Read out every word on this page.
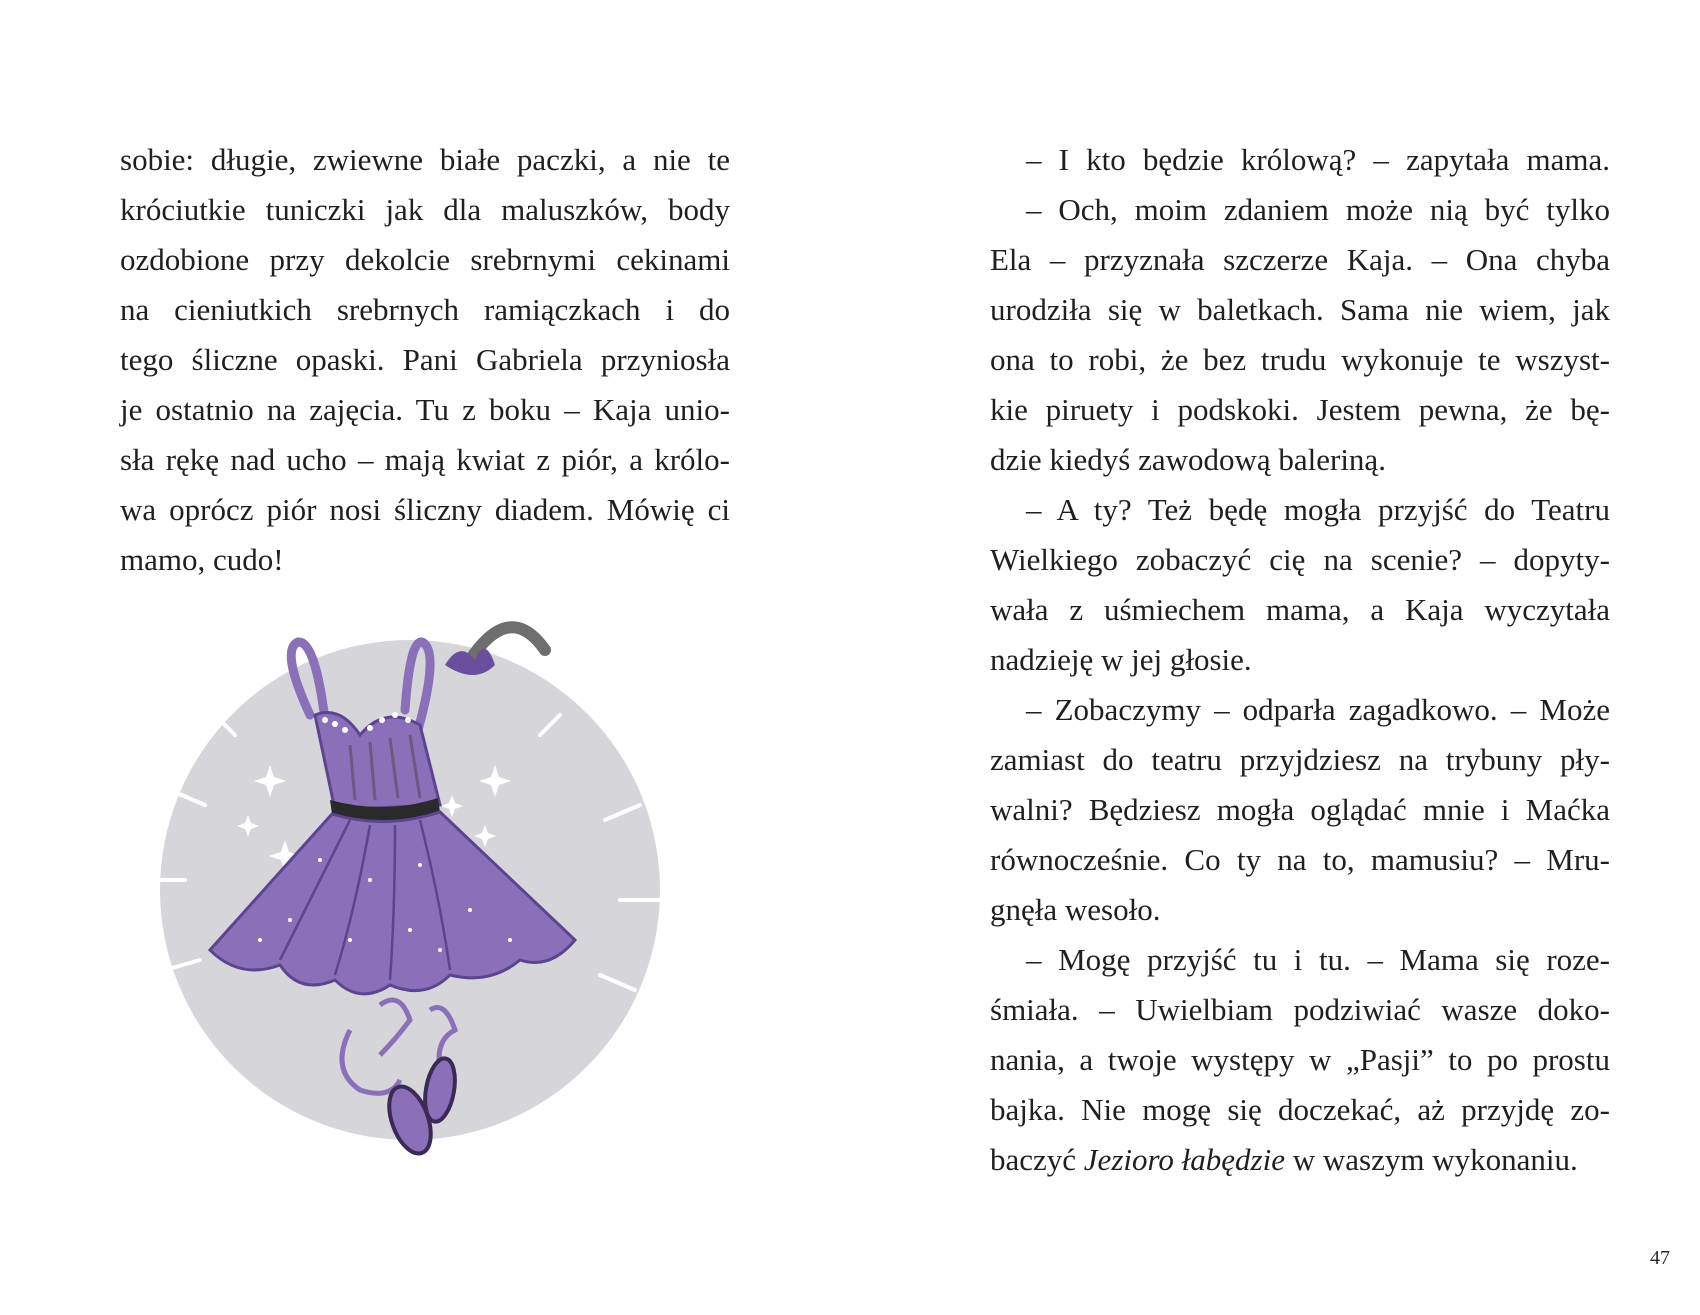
sobie: długie, zwiewne białe paczki, a nie te
króciutkie tuniczki jak dla maluszków, body
ozdobione przy dekolcie srebrnymi cekinami
na cieniutkich srebrnych ramiączkach i do
tego śliczne opaski. Pani Gabriela przyniosła
je ostatnio na zajęcia. Tu z boku – Kaja unio-
sła rękę nad ucho – mają kwiat z piór, a królo-
wa oprócz piór nosi śliczny diadem. Mówię ci
mamo, cudo!
– I kto będzie królową? – zapytała mama.
– Och, moim zdaniem może nią być tylko
Ela – przyznała szczerze Kaja. – Ona chyba
urodziła się w baletkach. Sama nie wiem, jak
ona to robi, że bez trudu wykonuje te wszyst-
kie piruety i podskoki. Jestem pewna, że bę-
dzie kiedyś zawodową baleriną.
– A ty? Też będę mogła przyjść do Teatru
Wielkiego zobaczyć cię na scenie? – dopyty-
wała z uśmiechem mama, a Kaja wyczytała
nadzieję w jej głosie.
– Zobaczymy – odparła zagadkowo. – Może
zamiast do teatru przyjdziesz na trybuny pły-
walni? Będziesz mogła oglądać mnie i Maćka
równocześnie. Co ty na to, mamusiu? – Mru-
gnęła wesoło.
– Mogę przyjść tu i tu. – Mama się roze-
śmiała. – Uwielbiam podziwiać wasze doko-
nania, a twoje występy w „Pasji” to po prostu
bajka. Nie mogę się doczekać, aż przyjdę zo-
baczyć Jezioro łabędzie w waszym wykonaniu.
47
